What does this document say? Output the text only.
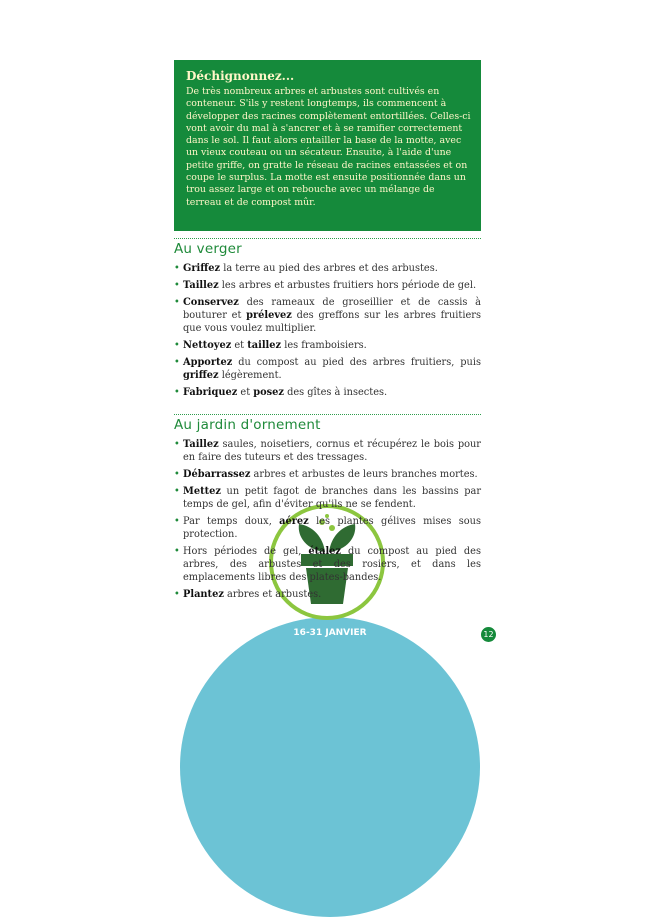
Déchignonnez...

De très nombreux arbres et arbustes sont cultivés en conteneur. S'ils y restent longtemps, ils commencent à développer des racines complètement entortillées. Celles-ci vont avoir du mal à s'ancrer et à se ramifier correctement dans le sol. Il faut alors entailler la base de la motte, avec un vieux couteau ou un sécateur. Ensuite, à l'aide d'une petite griffe, on gratte le réseau de racines entassées et on coupe le surplus. La motte est ensuite positionnée dans un trou assez large et on rebouche avec un mélange de terreau et de compost mûr.

Au verger
• Griffez la terre au pied des arbres et des arbustes.
• Taillez les arbres et arbustes fruitiers hors période de gel.
• Conservez des rameaux de groseillier et de cassis à bouturer et prélevez des greffons sur les arbres fruitiers que vous voulez multiplier.
• Nettoyez et taillez les framboisiers.
• Apportez du compost au pied des arbres fruitiers, puis griffez légèrement.
• Fabriquez et posez des gîtes à insectes.
Au jardin d'ornement
• Taillez saules, noisetiers, cornus et récupérez le bois pour en faire des tuteurs et des tressages.
• Débarrassez arbres et arbustes de leurs branches mortes.
• Mettez un petit fagot de branches dans les bassins par temps de gel, afin d'éviter qu'ils ne se fendent.
• Par temps doux, aérez les plantes gélives mises sous protection.
• Hors périodes de gel, étalez du compost au pied des arbres, des arbustes et des rosiers, et dans les emplacements libres des plates-bandes.
• Plantez arbres et arbustes.
16-31 JANVIER	12
